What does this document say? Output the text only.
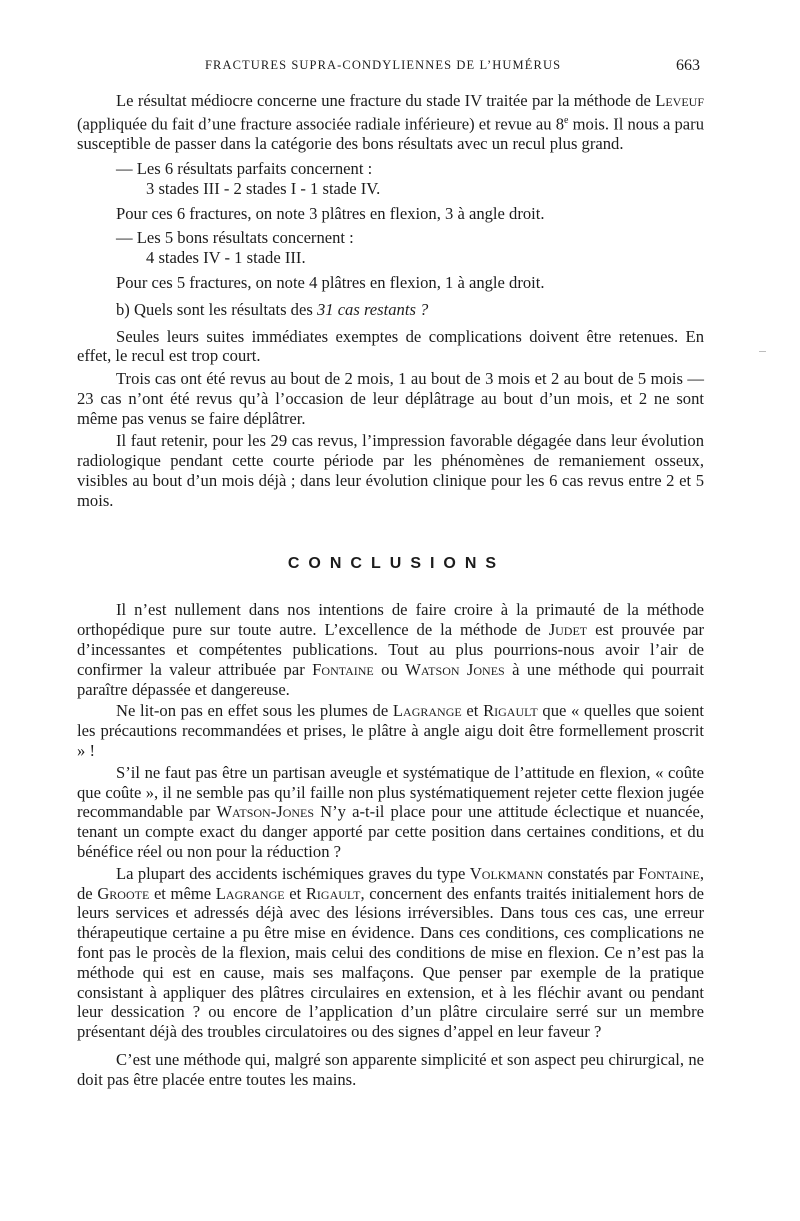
FRACTURES SUPRA-CONDYLIENNES DE L’HUMÉRUS	663

Le résultat médiocre concerne une fracture du stade IV traitée par la méthode de Leveuf (appliquée du fait d’une fracture associée radiale inférieure) et revue au 8e mois. Il nous a paru susceptible de passer dans la catégorie des bons résultats avec un recul plus grand.

— Les 6 résultats parfaits concernent :

3 stades III - 2 stades I - 1 stade IV.

Pour ces 6 fractures, on note 3 plâtres en flexion, 3 à angle droit.

— Les 5 bons résultats concernent :

4 stades IV - 1 stade III.

Pour ces 5 fractures, on note 4 plâtres en flexion, 1 à angle droit.

b) Quels sont les résultats des 31 cas restants ?

Seules leurs suites immédiates exemptes de complications doivent être retenues. En effet, le recul est trop court.

Trois cas ont été revus au bout de 2 mois, 1 au bout de 3 mois et 2 au bout de 5 mois — 23 cas n’ont été revus qu’à l’occasion de leur déplâtrage au bout d’un mois, et 2 ne sont même pas venus se faire déplâtrer.

Il faut retenir, pour les 29 cas revus, l’impression favorable dégagée dans leur évolution radiologique pendant cette courte période par les phénomènes de remaniement osseux, visibles au bout d’un mois déjà ; dans leur évolution clinique pour les 6 cas revus entre 2 et 5 mois.

CONCLUSIONS

Il n’est nullement dans nos intentions de faire croire à la primauté de la méthode orthopédique pure sur toute autre. L’excellence de la méthode de Judet est prouvée par d’incessantes et compétentes publications. Tout au plus pourrions-nous avoir l’air de confirmer la valeur attribuée par Fontaine ou Watson Jones à une méthode qui pourrait paraître dépassée et dangereuse.

Ne lit-on pas en effet sous les plumes de Lagrange et Rigault que « quelles que soient les précautions recommandées et prises, le plâtre à angle aigu doit être formellement proscrit » !

S’il ne faut pas être un partisan aveugle et systématique de l’attitude en flexion, « coûte que coûte », il ne semble pas qu’il faille non plus systématiquement rejeter cette flexion jugée recommandable par Watson-Jones N’y a-t-il place pour une attitude éclectique et nuancée, tenant un compte exact du danger apporté par cette position dans certaines conditions, et du bénéfice réel ou non pour la réduction ?

La plupart des accidents ischémiques graves du type Volkmann constatés par Fontaine, de Groote et même Lagrange et Rigault, concernent des enfants traités initialement hors de leurs services et adressés déjà avec des lésions irréversibles. Dans tous ces cas, une erreur thérapeutique certaine a pu être mise en évidence. Dans ces conditions, ces complications ne font pas le procès de la flexion, mais celui des conditions de mise en flexion. Ce n’est pas la méthode qui est en cause, mais ses malfaçons. Que penser par exemple de la pratique consistant à appliquer des plâtres circulaires en extension, et à les fléchir avant ou pendant leur dessication ? ou encore de l’application d’un plâtre circulaire serré sur un membre présentant déjà des troubles circulatoires ou des signes d’appel en leur faveur ?

C’est une méthode qui, malgré son apparente simplicité et son aspect peu chirurgical, ne doit pas être placée entre toutes les mains.
